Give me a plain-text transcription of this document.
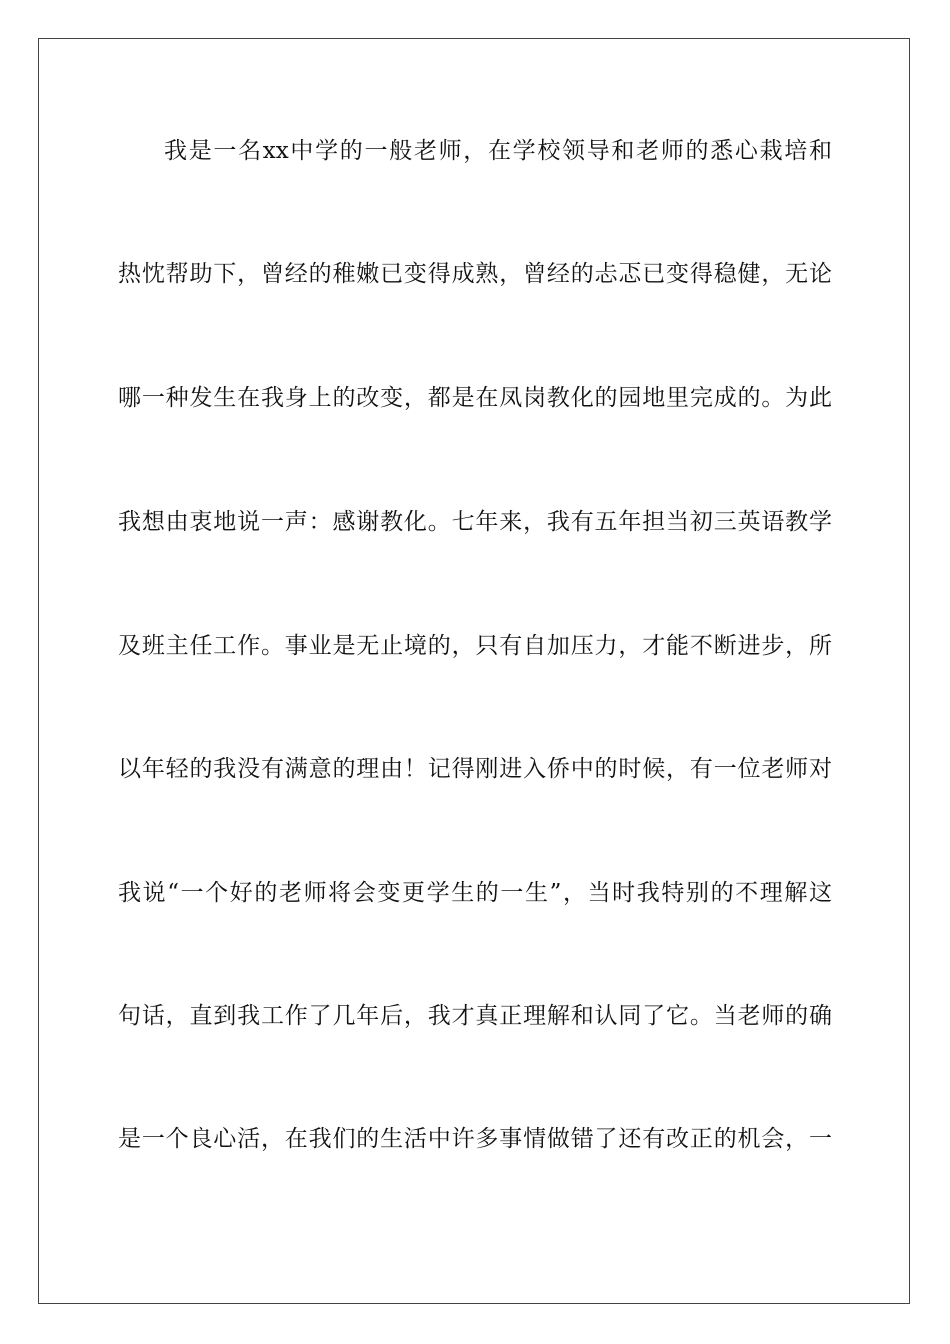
我是一名xx中学的一般老师，在学校领导和老师的悉心栽培和
热忱帮助下，曾经的稚嫩已变得成熟，曾经的忐忑已变得稳健，无论
哪一种发生在我身上的改变，都是在凤岗教化的园地里完成的。为此
我想由衷地说一声：感谢教化。七年来，我有五年担当初三英语教学
及班主任工作。事业是无止境的，只有自加压力，才能不断进步，所
以年轻的我没有满意的理由！记得刚进入侨中的时候，有一位老师对
我说“一个好的老师将会变更学生的一生”，当时我特别的不理解这
句话，直到我工作了几年后，我才真正理解和认同了它。当老师的确
是一个良心活，在我们的生活中许多事情做错了还有改正的机会，一
